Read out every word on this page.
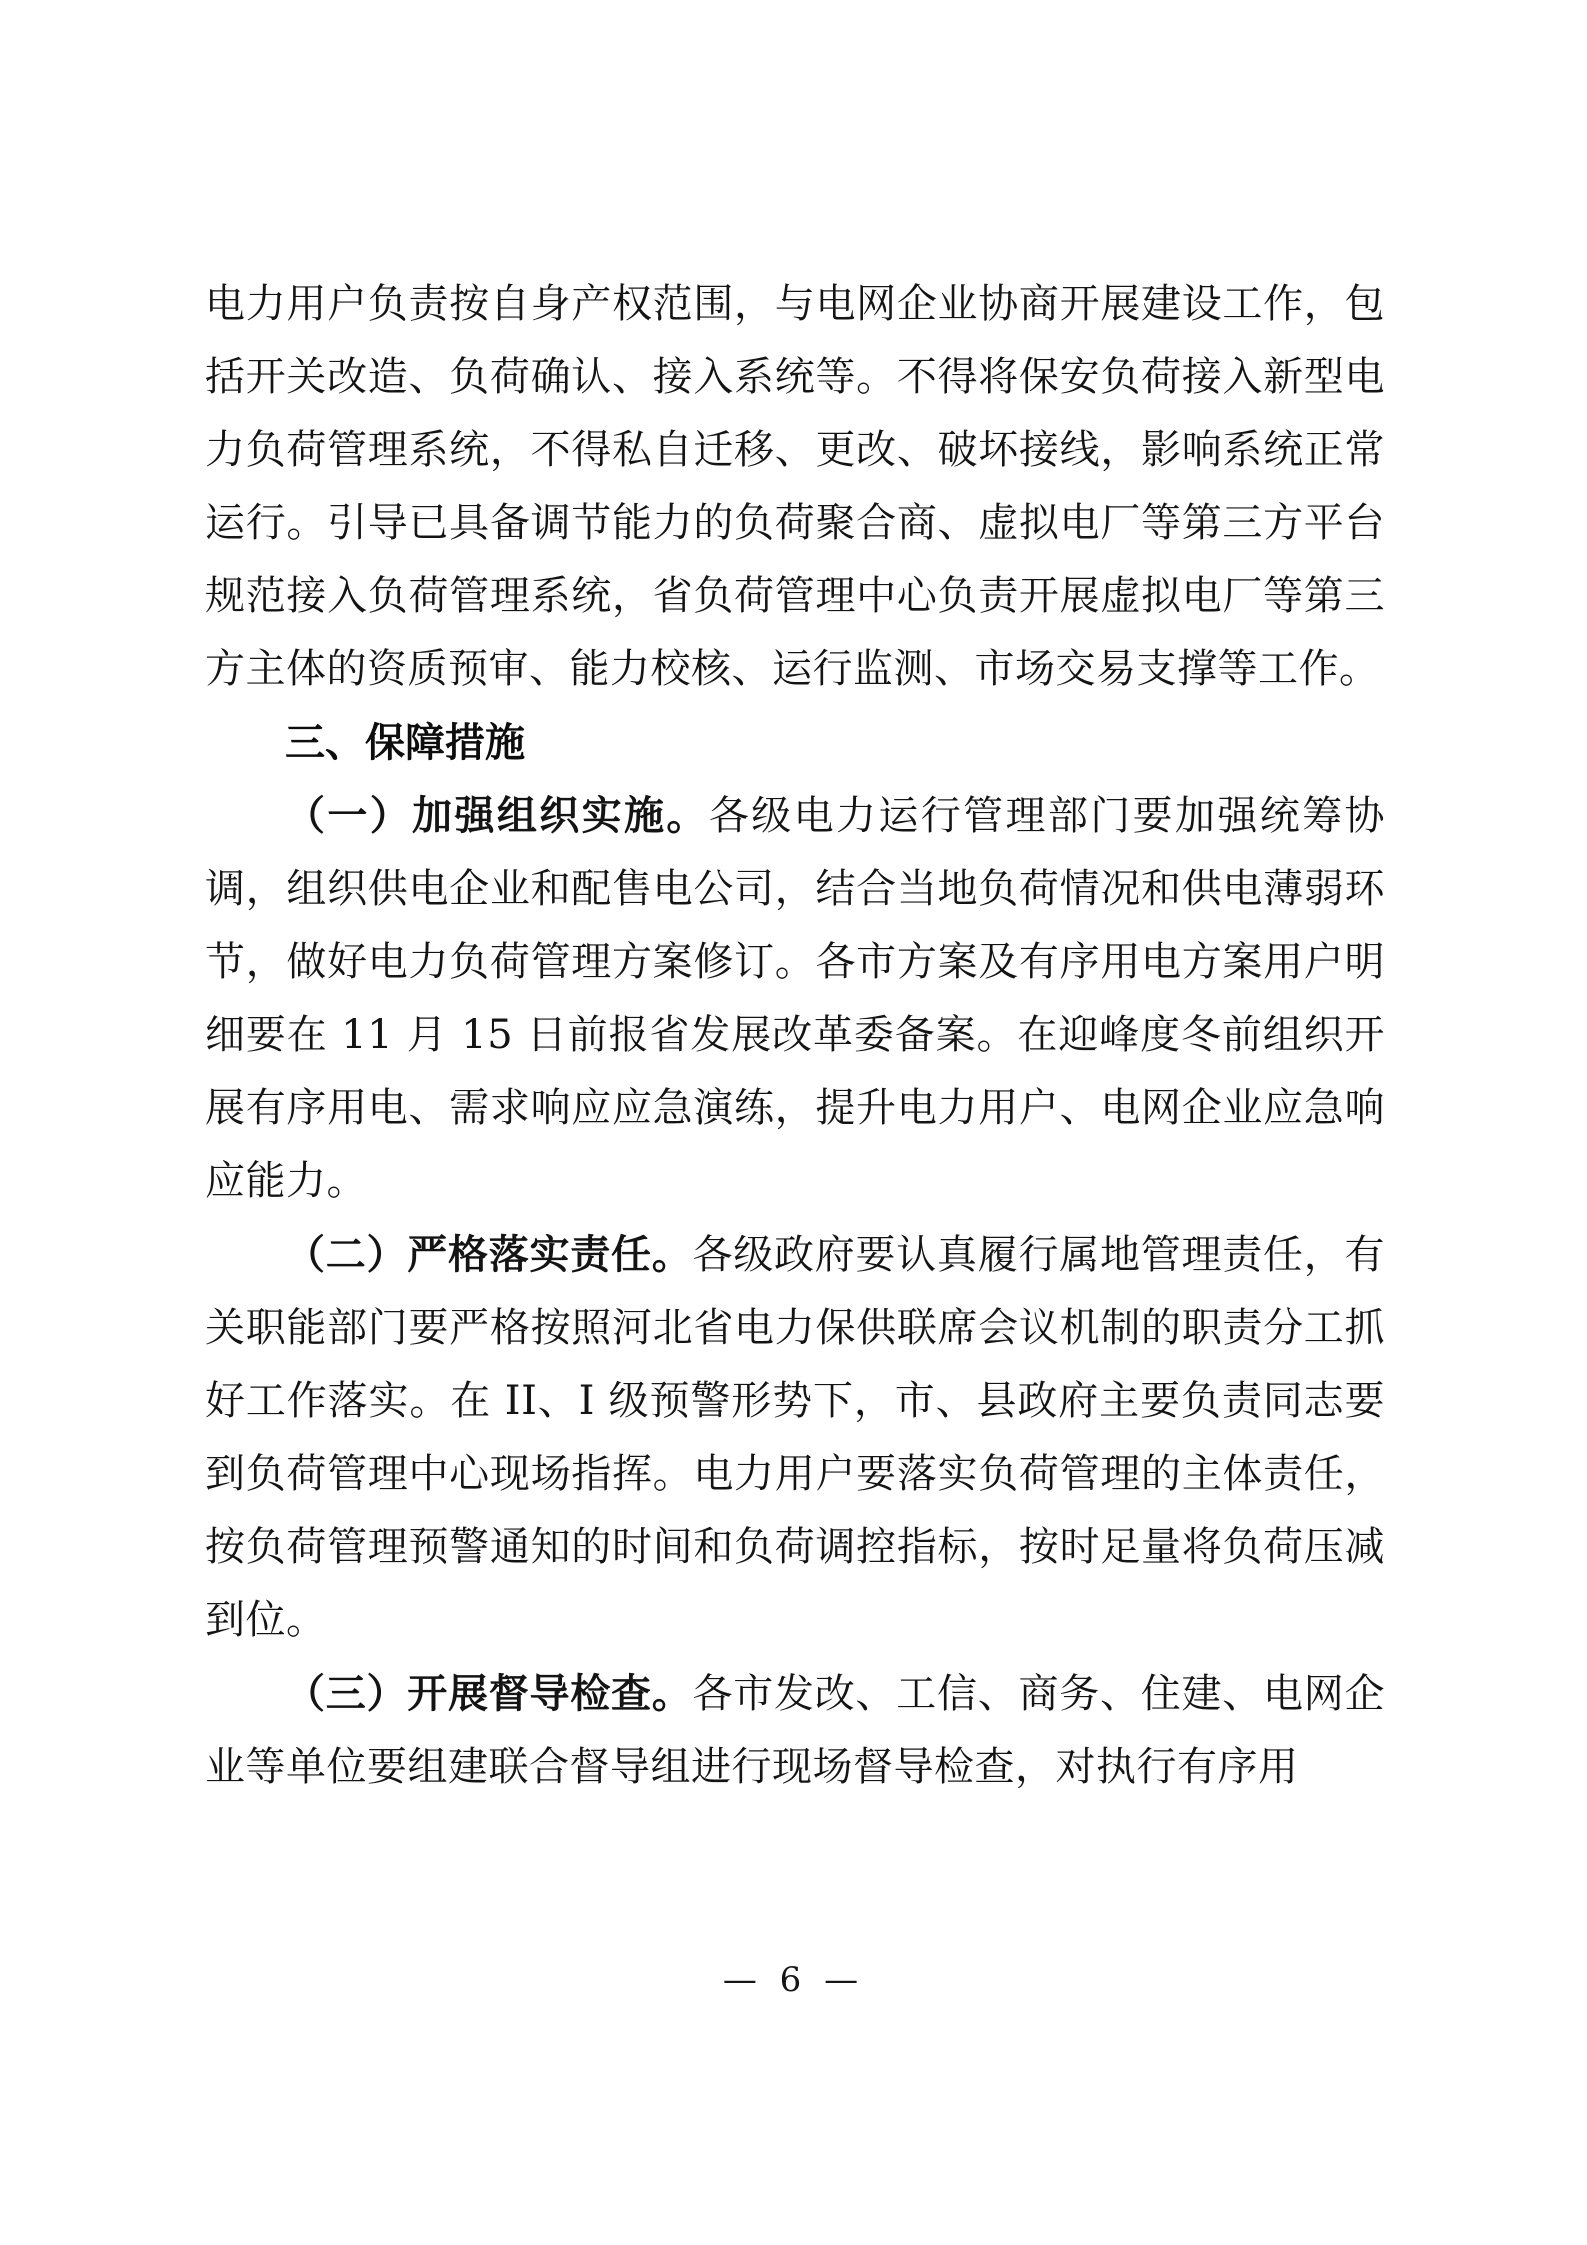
电力用户负责按自身产权范围，与电网企业协商开展建设工作，包括开关改造、负荷确认、接入系统等。不得将保安负荷接入新型电力负荷管理系统，不得私自迁移、更改、破坏接线，影响系统正常运行。引导已具备调节能力的负荷聚合商、虚拟电厂等第三方平台规范接入负荷管理系统，省负荷管理中心负责开展虚拟电厂等第三方主体的资质预审、能力校核、运行监测、市场交易支撑等工作。

三、保障措施

（一）加强组织实施。各级电力运行管理部门要加强统筹协调，组织供电企业和配售电公司，结合当地负荷情况和供电薄弱环节，做好电力负荷管理方案修订。各市方案及有序用电方案用户明细要在 11 月 15 日前报省发展改革委备案。在迎峰度冬前组织开展有序用电、需求响应应急演练，提升电力用户、电网企业应急响应能力。

（二）严格落实责任。各级政府要认真履行属地管理责任，有关职能部门要严格按照河北省电力保供联席会议机制的职责分工抓好工作落实。在 II、I 级预警形势下，市、县政府主要负责同志要到负荷管理中心现场指挥。电力用户要落实负荷管理的主体责任，按负荷管理预警通知的时间和负荷调控指标，按时足量将负荷压减到位。

（三）开展督导检查。各市发改、工信、商务、住建、电网企业等单位要组建联合督导组进行现场督导检查，对执行有序用

— 6 —
